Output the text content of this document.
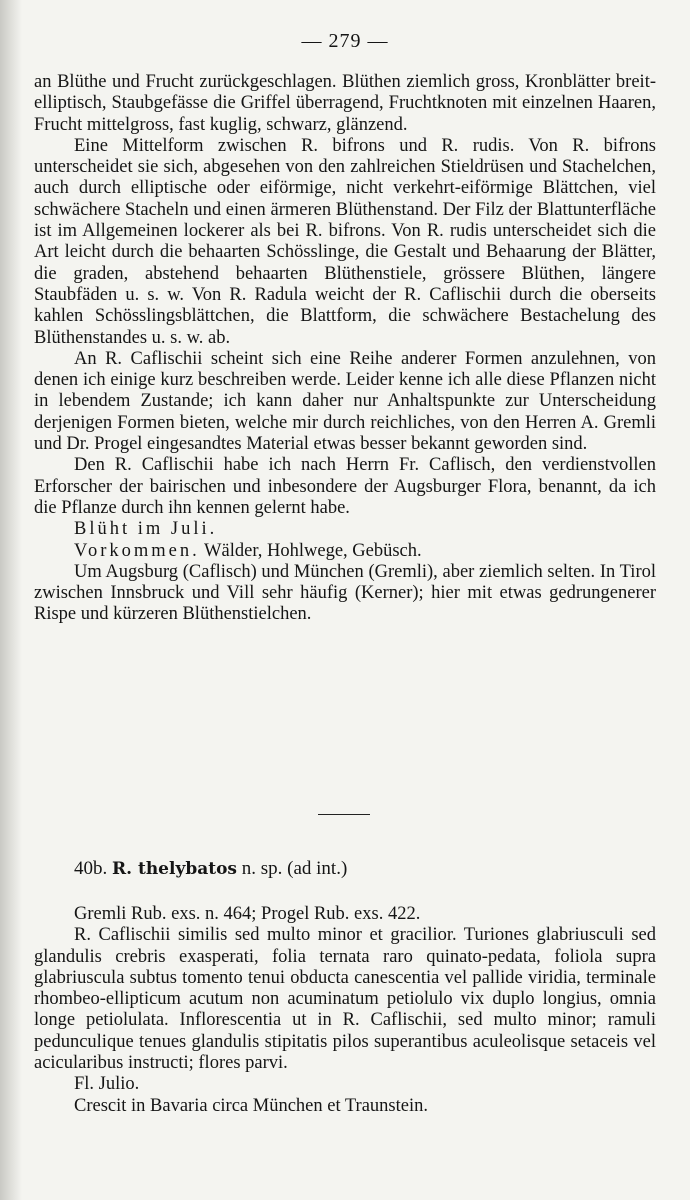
— 279 —

an Blüthe und Frucht zurückgeschlagen. Blüthen ziemlich gross, Kronblätter breit-elliptisch, Staubgefässe die Griffel überragend, Fruchtknoten mit einzelnen Haaren, Frucht mittelgross, fast kuglig, schwarz, glänzend.

Eine Mittelform zwischen R. bifrons und R. rudis. Von R. bifrons unterscheidet sie sich, abgesehen von den zahlreichen Stieldrüsen und Stachelchen, auch durch elliptische oder eiförmige, nicht verkehrt-eiförmige Blättchen, viel schwächere Stacheln und einen ärmeren Blüthenstand. Der Filz der Blattunterfläche ist im Allgemeinen lockerer als bei R. bifrons. Von R. rudis unterscheidet sich die Art leicht durch die behaarten Schösslinge, die Gestalt und Behaarung der Blätter, die graden, abstehend behaarten Blüthenstiele, grössere Blüthen, längere Staubfäden u. s. w. Von R. Radula weicht der R. Caflischii durch die oberseits kahlen Schösslingsblättchen, die Blattform, die schwächere Bestachelung des Blüthenstandes u. s. w. ab.

An R. Caflischii scheint sich eine Reihe anderer Formen anzulehnen, von denen ich einige kurz beschreiben werde. Leider kenne ich alle diese Pflanzen nicht in lebendem Zustande; ich kann daher nur Anhaltspunkte zur Unterscheidung derjenigen Formen bieten, welche mir durch reichliches, von den Herren A. Gremli und Dr. Progel eingesandtes Material etwas besser bekannt geworden sind.

Den R. Caflischii habe ich nach Herrn Fr. Caflisch, den verdienstvollen Erforscher der bairischen und inbesondere der Augsburger Flora, benannt, da ich die Pflanze durch ihn kennen gelernt habe.

Blüht im Juli.

Vorkommen. Wälder, Hohlwege, Gebüsch.

Um Augsburg (Caflisch) und München (Gremli), aber ziemlich selten. In Tirol zwischen Innsbruck und Vill sehr häufig (Kerner); hier mit etwas gedrungenerer Rispe und kürzeren Blüthenstielchen.

40b. R. thelybatos n. sp. (ad int.)

Gremli Rub. exs. n. 464; Progel Rub. exs. 422.

R. Caflischii similis sed multo minor et gracilior. Turiones glabriusculi sed glandulis crebris exasperati, folia ternata raro quinato-pedata, foliola supra glabriuscula subtus tomento tenui obducta canescentia vel pallide viridia, terminale rhombeo-ellipticum acutum non acuminatum petiolulo vix duplo longius, omnia longe petiolulata. Inflorescentia ut in R. Caflischii, sed multo minor; ramuli pedunculique tenues glandulis stipitatis pilos superantibus aculeolisque setaceis vel acicularibus instructi; flores parvi.

Fl. Julio.

Crescit in Bavaria circa München et Traunstein.
